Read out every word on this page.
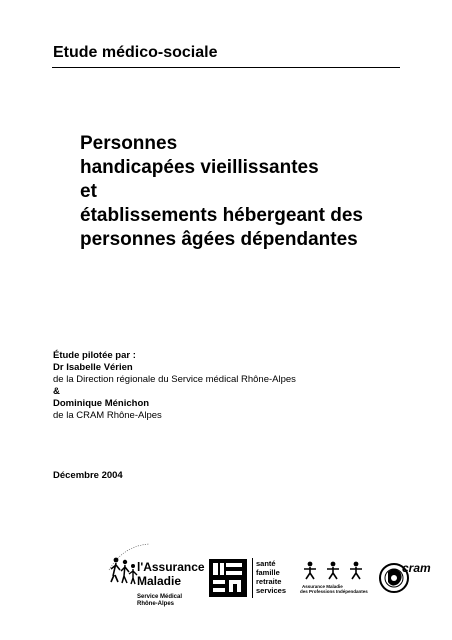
Etude médico-sociale
Personnes
handicapées vieillissantes
et
établissements hébergeant des
personnes âgées dépendantes
Étude pilotée par :
Dr Isabelle Vérien
de la Direction régionale du Service médical Rhône-Alpes
&
Dominique Ménichon
de la CRAM Rhône-Alpes
Décembre 2004
l'Assurance
Maladie
Service Médical
Rhône-Alpes
santé
famille
retraite
services	Assurance Maladie
des Professions Indépendantes
cram
